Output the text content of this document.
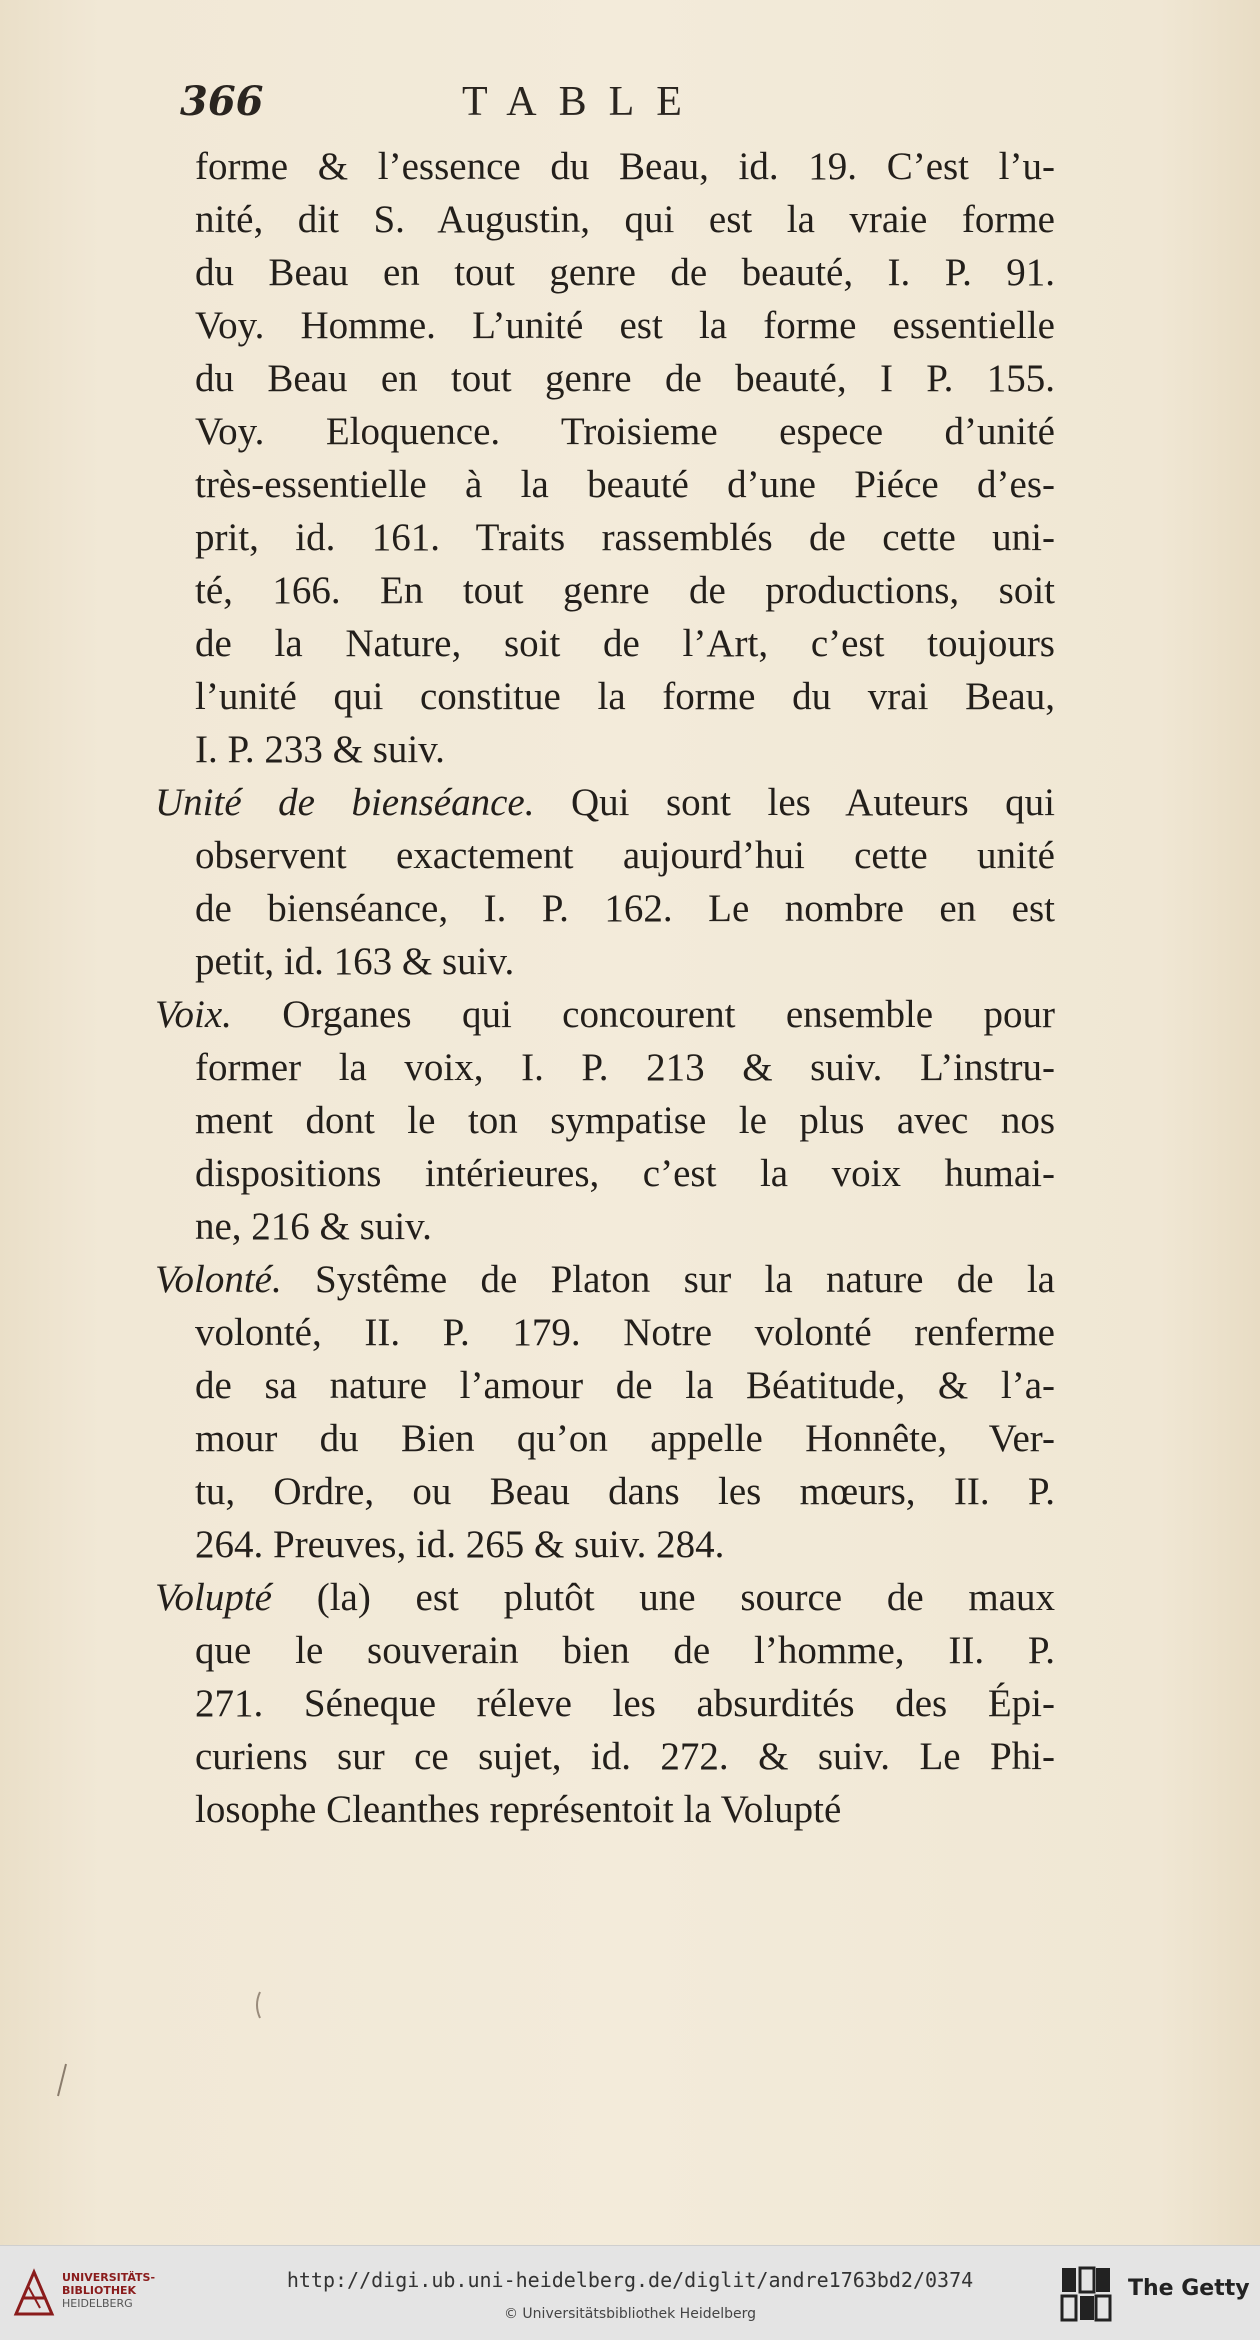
366	TABLE
forme & l’essence du Beau, id. 19. C’est l’u-
nité, dit S. Augustin, qui est la vraie forme
du Beau en tout genre de beauté, I. P. 91.
Voy. Homme. L’unité est la forme essentielle
du Beau en tout genre de beauté, I P. 155.
Voy. Eloquence. Troisieme espece d’unité
très-essentielle à la beauté d’une Piéce d’es-
prit, id. 161. Traits rassemblés de cette uni-
té, 166. En tout genre de productions, soit
de la Nature, soit de l’Art, c’est toujours
l’unité qui constitue la forme du vrai Beau,
I. P. 233 & suiv.
Unité de bienséance. Qui sont les Auteurs qui
observent exactement aujourd’hui cette unité
de bienséance, I. P. 162. Le nombre en est
petit, id. 163 & suiv.
Voix. Organes qui concourent ensemble pour
former la voix, I. P. 213 & suiv. L’instru-
ment dont le ton sympatise le plus avec nos
dispositions intérieures, c’est la voix humai-
ne, 216 & suiv.
Volonté. Systême de Platon sur la nature de la
volonté, II. P. 179. Notre volonté renferme
de sa nature l’amour de la Béatitude, & l’a-
mour du Bien qu’on appelle Honnête, Ver-
tu, Ordre, ou Beau dans les mœurs, II. P.
264. Preuves, id. 265 & suiv. 284.
Volupté (la) est plutôt une source de maux
que le souverain bien de l’homme, II. P.
271. Séneque réleve les absurdités des Épi-
curiens sur ce sujet, id. 272. & suiv. Le Phi-
losophe Cleanthes représentoit la Volupté
UNIVERSITÄTS-
BIBLIOTHEK
HEIDELBERG
http://digi.ub.uni-heidelberg.de/diglit/andre1763bd2/0374
© Universitätsbibliothek Heidelberg
The Getty
